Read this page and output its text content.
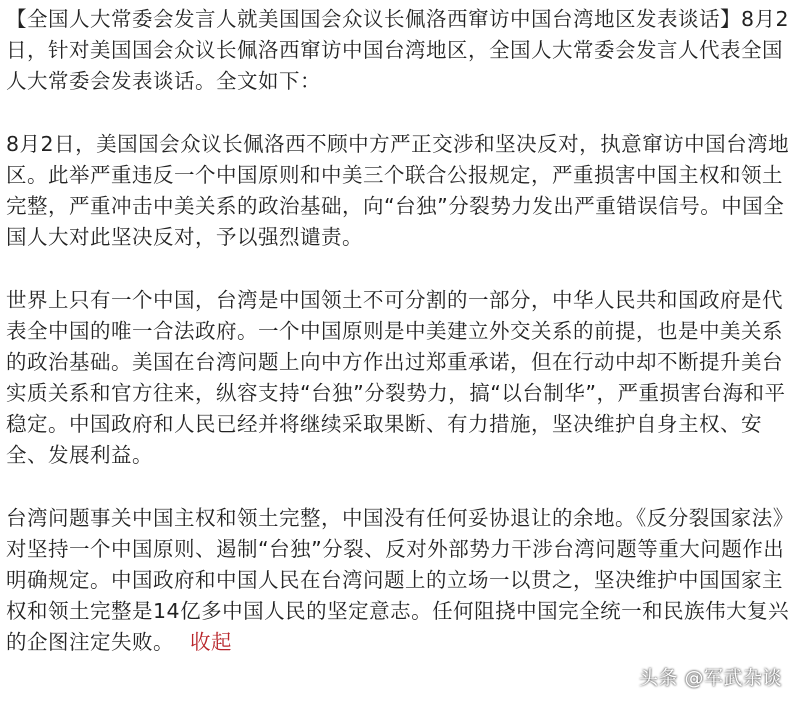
【全国人大常委会发言人就美国国会众议长佩洛西窜访中国台湾地区发表谈话】8月2日，针对美国国会众议长佩洛西窜访中国台湾地区，全国人大常委会发言人代表全国人大常委会发表谈话。全文如下：

8月2日，美国国会众议长佩洛西不顾中方严正交涉和坚决反对，执意窜访中国台湾地区。此举严重违反一个中国原则和中美三个联合公报规定，严重损害中国主权和领土完整，严重冲击中美关系的政治基础，向“台独”分裂势力发出严重错误信号。中国全国人大对此坚决反对，予以强烈谴责。

世界上只有一个中国，台湾是中国领土不可分割的一部分，中华人民共和国政府是代表全中国的唯一合法政府。一个中国原则是中美建立外交关系的前提，也是中美关系的政治基础。美国在台湾问题上向中方作出过郑重承诺，但在行动中却不断提升美台实质关系和官方往来，纵容支持“台独”分裂势力，搞“以台制华”，严重损害台海和平稳定。中国政府和人民已经并将继续采取果断、有力措施，坚决维护自身主权、安全、发展利益。

台湾问题事关中国主权和领土完整，中国没有任何妥协退让的余地。《反分裂国家法》对坚持一个中国原则、遏制“台独”分裂、反对外部势力干涉台湾问题等重大问题作出明确规定。中国政府和中国人民在台湾问题上的立场一以贯之，坚决维护中国国家主权和领土完整是14亿多中国人民的坚定意志。任何阻挠中国完全统一和民族伟大复兴的企图注定失败。 收起

头条 @军武杂谈
